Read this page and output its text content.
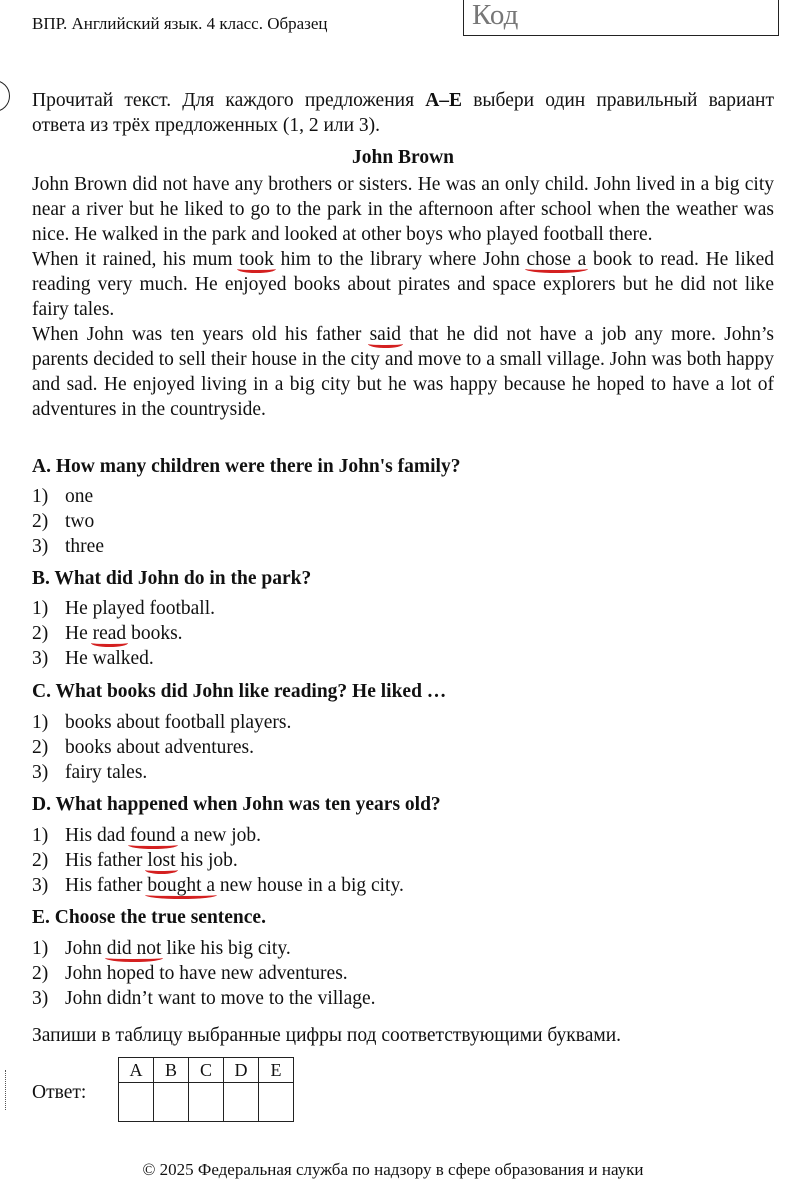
ВПР. Английский язык. 4 класс. Образец	Код
Прочитай текст. Для каждого предложения A–E выбери один правильный вариант ответа из трёх предложенных (1, 2 или 3).
John Brown

John Brown did not have any brothers or sisters. He was an only child. John lived in a big city near a river but he liked to go to the park in the afternoon after school when the weather was nice. He walked in the park and looked at other boys who played football there.

When it rained, his mum took
him to the library where John chose a
book to read. He liked reading very much. He enjoyed books about pirates and space explorers but he did not like fairy tales.

When John was ten years old his father said
that he did not have a job any more. John’s parents decided to sell their house in the city and move to a small village. John was both happy and sad. He enjoyed living in a big city but he was happy because he hoped to have a lot of adventures in the countryside.

A. How many children were there in John's family?
1) one
2) two
3) three
B. What did John do in the park?
1) He played football.
2) He read
books.
3) He walked.
C. What books did John like reading? He liked …
1) books about football players.
2) books about adventures.
3) fairy tales.
D. What happened when John was ten years old?
1) His dad found
a new job.
2) His father lost
his job.
3) His father bought a
new house in a big city.
E. Choose the true sentence.
1) John did not
like his big city.
2) John hoped to have new adventures.
3) John didn’t want to move to the village.
Запиши в таблицу выбранные цифры под соответствующими буквами.
Ответ:
A	B	C	D	E

© 2025 Федеральная служба по надзору в сфере образования и науки
